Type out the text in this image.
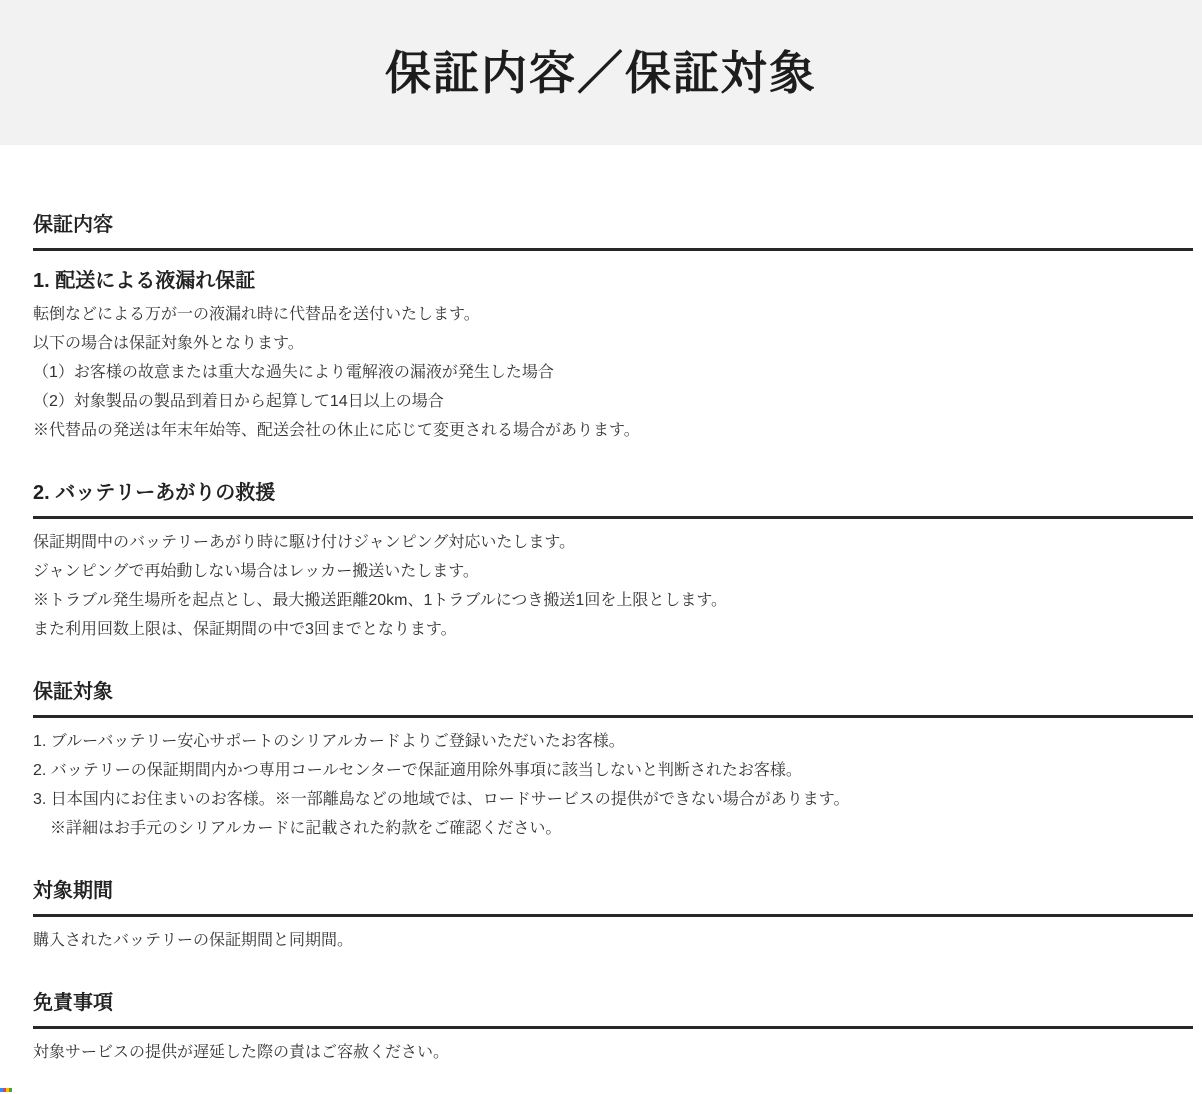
保証内容／保証対象
保証内容
1. 配送による液漏れ保証

転倒などによる万が一の液漏れ時に代替品を送付いたします。

以下の場合は保証対象外となります。

（1）お客様の故意または重大な過失により電解液の漏液が発生した場合

（2）対象製品の製品到着日から起算して14日以上の場合

※代替品の発送は年末年始等、配送会社の休止に応じて変更される場合があります。

2. バッテリーあがりの救援

保証期間中のバッテリーあがり時に駆け付けジャンピング対応いたします。

ジャンピングで再始動しない場合はレッカー搬送いたします。

※トラブル発生場所を起点とし、最大搬送距離20km、1トラブルにつき搬送1回を上限とします。

また利用回数上限は、保証期間の中で3回までとなります。

保証対象

1. ブルーバッテリー安心サポートのシリアルカードよりご登録いただいたお客様。

2. バッテリーの保証期間内かつ専用コールセンターで保証適用除外事項に該当しないと判断されたお客様。

3. 日本国内にお住まいのお客様。※一部離島などの地域では、ロードサービスの提供ができない場合があります。

※詳細はお手元のシリアルカードに記載された約款をご確認ください。

対象期間

購入されたバッテリーの保証期間と同期間。

免責事項

対象サービスの提供が遅延した際の責はご容赦ください。
